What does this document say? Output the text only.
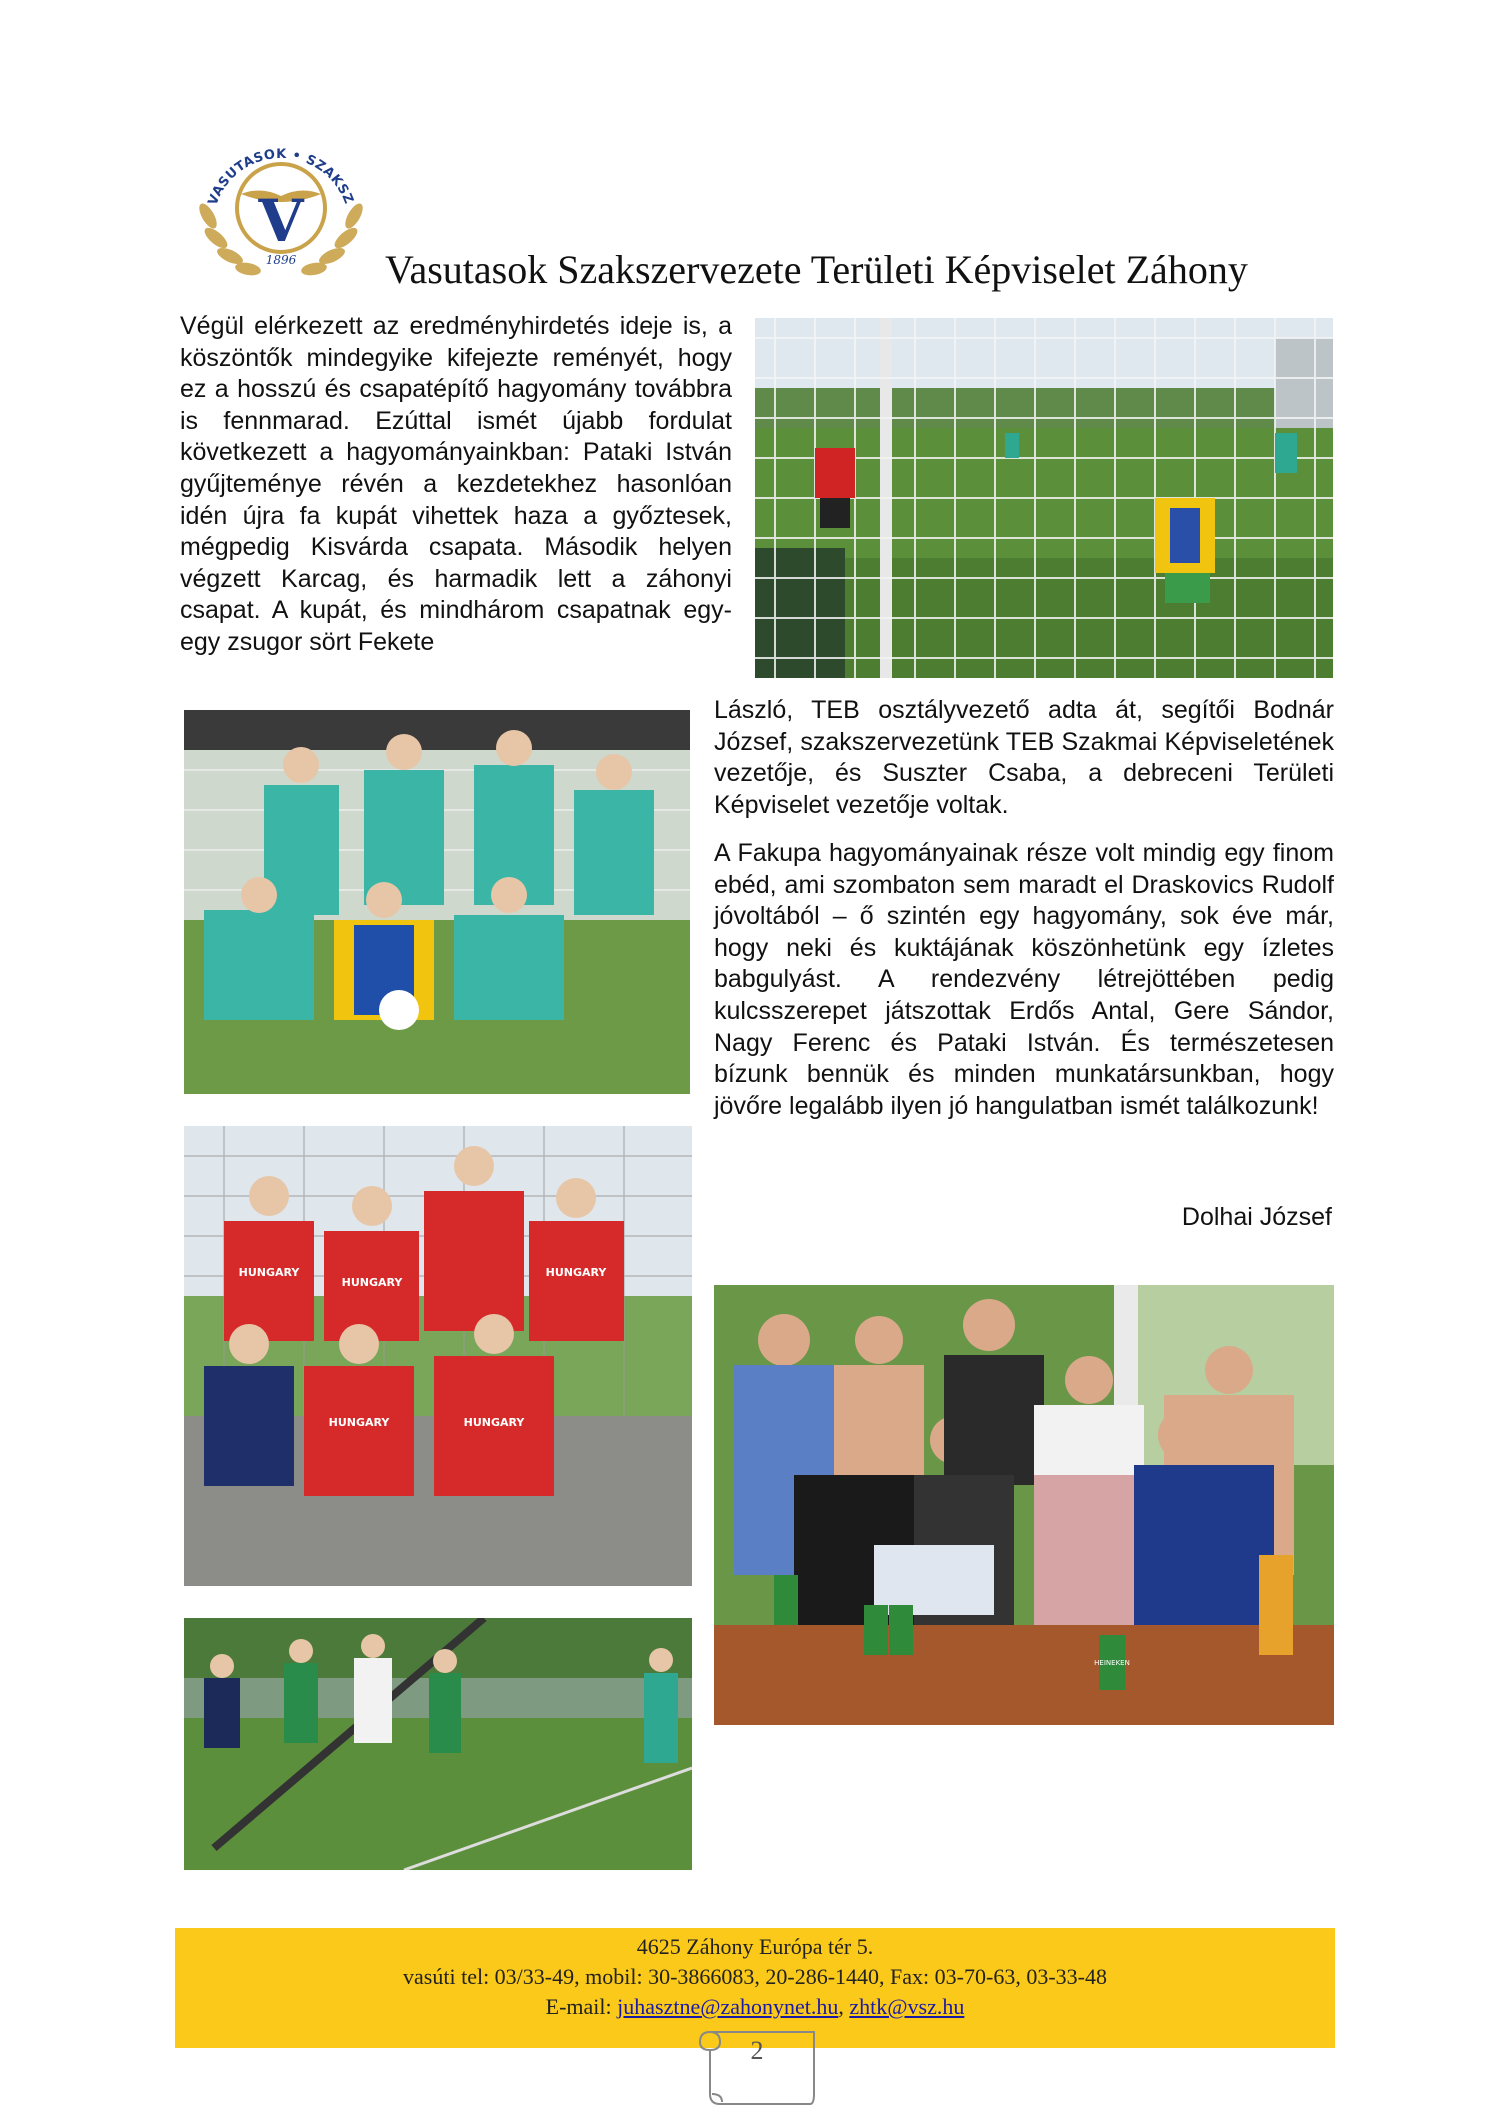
VASUTASOK • SZAKSZ
V
1896 Vasutasok Szakszervezete Területi Képviselet Záhony

Végül elérkezett az eredményhirdetés ideje is, a köszöntők mindegyike kifejezte reményét, hogy ez a hosszú és csapatépítő hagyomány továbbra is fennmarad. Ezúttal ismét újabb fordulat következett a hagyományainkban: Pataki István gyűjteménye révén a kezdetekhez hasonlóan idén újra fa kupát vihettek haza a győztesek, mégpedig Kisvárda csapata. Második helyen végzett Karcag, és harmadik lett a záhonyi csapat. A kupát, és mindhárom csapatnak egy-egy zsugor sört Fekete

László, TEB osztályvezető adta át, segítői Bodnár József, szakszervezetünk TEB Szakmai Képviseletének vezetője, és Suszter Csaba, a debreceni Területi Képviselet vezetője voltak.

A Fakupa hagyományainak része volt mindig egy finom ebéd, ami szombaton sem maradt el Draskovics Rudolf jóvoltából – ő szintén egy hagyomány, sok éve már, hogy neki és kuktájának köszönhetünk egy ízletes babgulyást. A rendezvény létrejöttében pedig kulcsszerepet játszottak Erdős Antal, Gere Sándor, Nagy Ferenc és Pataki István. És természetesen bízunk bennük és minden munkatársunkban, hogy jövőre legalább ilyen jó hangulatban ismét találkozunk!

Dolhai József
HUNGARY
HUNGARY
HUNGARY
HUNGARY	HUNGARY
HEINEKEN
4625 Záhony Európa tér 5.
vasúti tel: 03/33-49, mobil: 30-3866083, 20-286-1440, Fax: 03-70-63, 03-33-48
E-mail: juhasztne@zahonynet.hu, zhtk@vsz.hu
2
